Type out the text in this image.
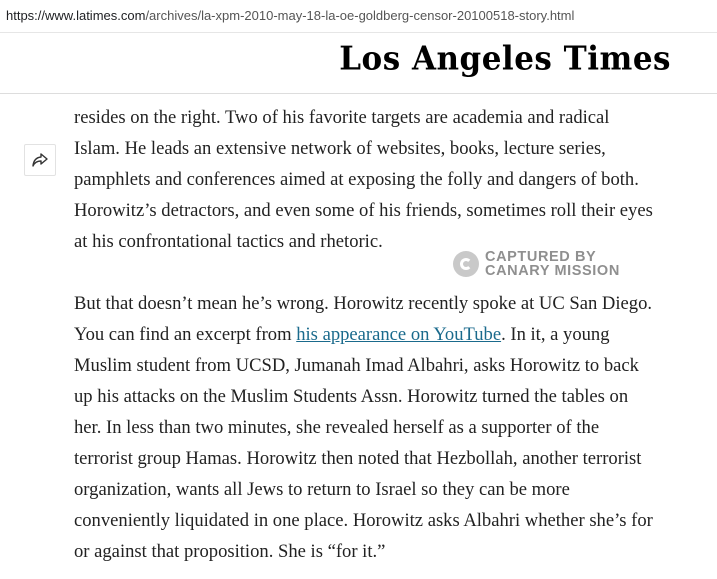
https://www.latimes.com/archives/la-xpm-2010-may-18-la-oe-goldberg-censor-20100518-story.html
Los Angeles Times

resides on the right. Two of his favorite targets are academia and radical
Islam. He leads an extensive network of websites, books, lecture series,
pamphlets and conferences aimed at exposing the folly and dangers of both.
Horowitz’s detractors, and even some of his friends, sometimes roll their eyes
at his confrontational tactics and rhetoric.

But that doesn’t mean he’s wrong. Horowitz recently spoke at UC San Diego.
You can find an excerpt from his appearance on YouTube. In it, a young
Muslim student from UCSD, Jumanah Imad Albahri, asks Horowitz to back
up his attacks on the Muslim Students Assn. Horowitz turned the tables on
her. In less than two minutes, she revealed herself as a supporter of the
terrorist group Hamas. Horowitz then noted that Hezbollah, another terrorist
organization, wants all Jews to return to Israel so they can be more
conveniently liquidated in one place. Horowitz asks Albahri whether she’s for
or against that proposition. She is “for it.”

CAPTURED BY
CANARY MISSION
